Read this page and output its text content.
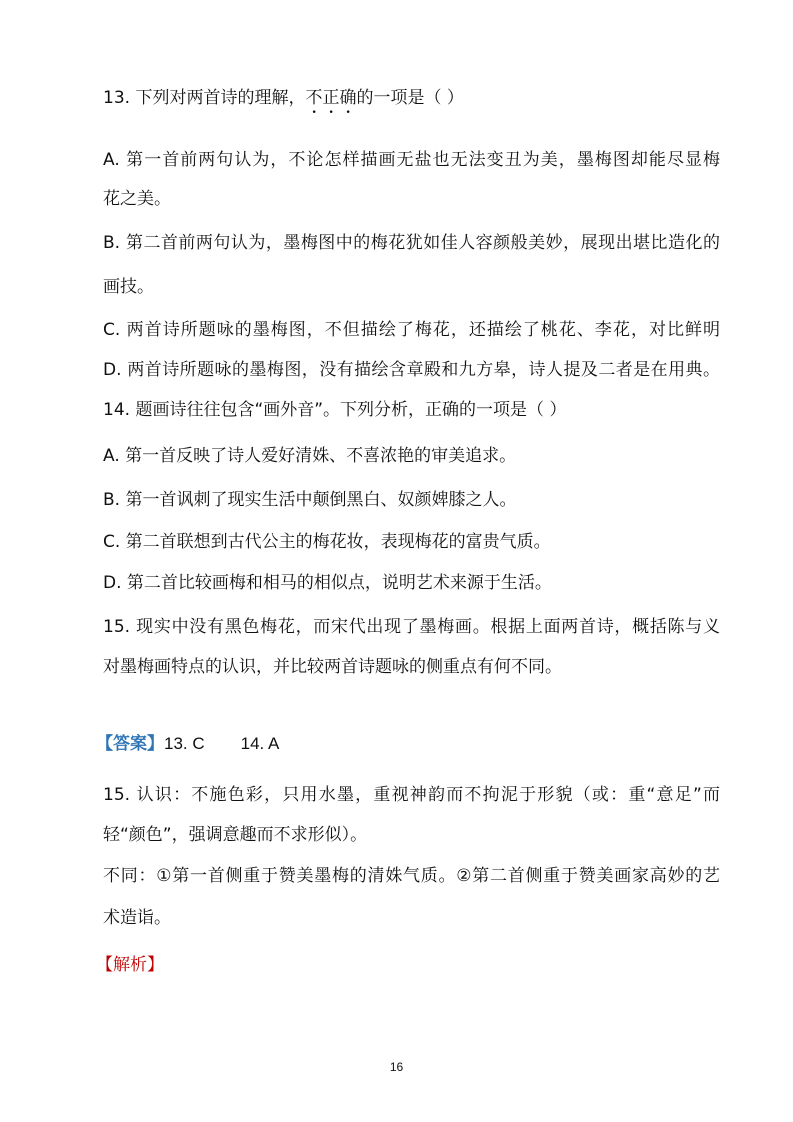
13. 下列对两首诗的理解，不正确的一项是（ ）
A. 第一首前两句认为，不论怎样描画无盐也无法变丑为美，墨梅图却能尽显梅
花之美。
B. 第二首前两句认为，墨梅图中的梅花犹如佳人容颜般美妙，展现出堪比造化的
画技。
C. 两首诗所题咏的墨梅图，不但描绘了梅花，还描绘了桃花、李花，对比鲜明
D. 两首诗所题咏的墨梅图，没有描绘含章殿和九方皋，诗人提及二者是在用典。
14. 题画诗往往包含“画外音”。下列分析，正确的一项是（ ）
A. 第一首反映了诗人爱好清姝、不喜浓艳的审美追求。
B. 第一首讽刺了现实生活中颠倒黑白、奴颜婢膝之人。
C. 第二首联想到古代公主的梅花妆，表现梅花的富贵气质。
D. 第二首比较画梅和相马的相似点，说明艺术来源于生活。
15. 现实中没有黑色梅花，而宋代出现了墨梅画。根据上面两首诗，概括陈与义
对墨梅画特点的认识，并比较两首诗题咏的侧重点有何不同。
【答案】13. C 14. A
15. 认识：不施色彩，只用水墨，重视神韵而不拘泥于形貌（或：重“意足”而
轻“颜色”，强调意趣而不求形似）。
不同：①第一首侧重于赞美墨梅的清姝气质。②第二首侧重于赞美画家高妙的艺
术造诣。
【解析】
16
